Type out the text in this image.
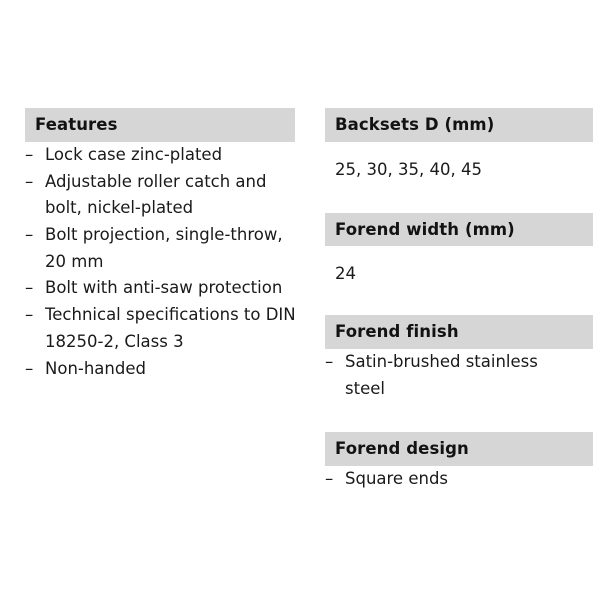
Features
– Lock case zinc-plated
– Adjustable roller catch and bolt, nickel-plated
– Bolt projection, single-throw, 20 mm
– Bolt with anti-saw protection
– Technical specifications to DIN 18250-2, Class 3
– Non-handed
Backsets D (mm)
25, 30, 35, 40, 45
Forend width (mm)
24
Forend finish
– Satin-brushed stainless steel
Forend design
– Square ends
